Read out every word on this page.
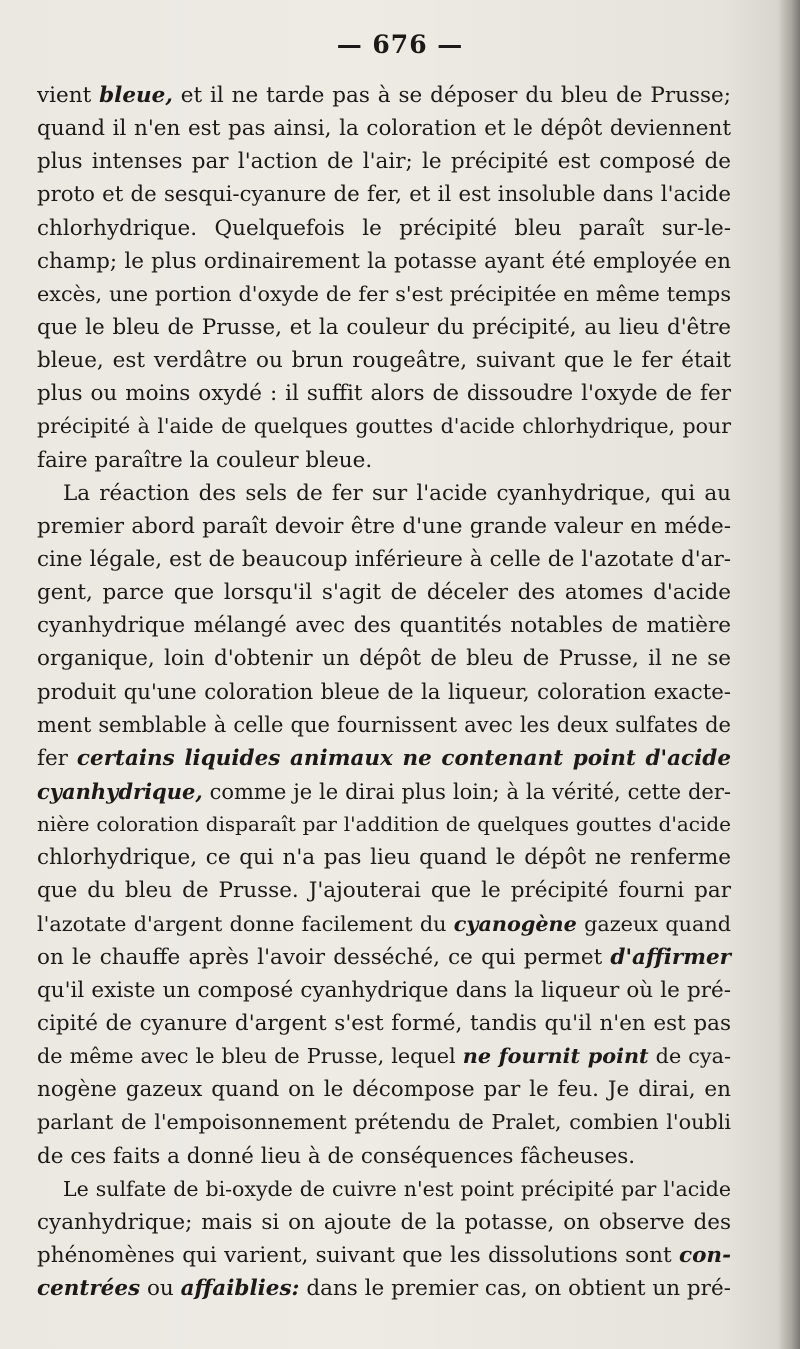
— 676 —
vient bleue, et il ne tarde pas à se déposer du bleu de Prusse;
quand il n'en est pas ainsi, la coloration et le dépôt deviennent
plus intenses par l'action de l'air; le précipité est composé de
proto et de sesqui-cyanure de fer, et il est insoluble dans l'acide
chlorhydrique. Quelquefois le précipité bleu paraît sur-le-
champ; le plus ordinairement la potasse ayant été employée en
excès, une portion d'oxyde de fer s'est précipitée en même temps
que le bleu de Prusse, et la couleur du précipité, au lieu d'être
bleue, est verdâtre ou brun rougeâtre, suivant que le fer était
plus ou moins oxydé : il suffit alors de dissoudre l'oxyde de fer
précipité à l'aide de quelques gouttes d'acide chlorhydrique, pour
faire paraître la couleur bleue.
La réaction des sels de fer sur l'acide cyanhydrique, qui au
premier abord paraît devoir être d'une grande valeur en méde-
cine légale, est de beaucoup inférieure à celle de l'azotate d'ar-
gent, parce que lorsqu'il s'agit de déceler des atomes d'acide
cyanhydrique mélangé avec des quantités notables de matière
organique, loin d'obtenir un dépôt de bleu de Prusse, il ne se
produit qu'une coloration bleue de la liqueur, coloration exacte-
ment semblable à celle que fournissent avec les deux sulfates de
fer certains liquides animaux ne contenant point d'acide
cyanhydrique, comme je le dirai plus loin; à la vérité, cette der-
nière coloration disparaît par l'addition de quelques gouttes d'acide
chlorhydrique, ce qui n'a pas lieu quand le dépôt ne renferme
que du bleu de Prusse. J'ajouterai que le précipité fourni par
l'azotate d'argent donne facilement du cyanogène gazeux quand
on le chauffe après l'avoir desséché, ce qui permet d'affirmer
qu'il existe un composé cyanhydrique dans la liqueur où le pré-
cipité de cyanure d'argent s'est formé, tandis qu'il n'en est pas
de même avec le bleu de Prusse, lequel ne fournit point de cya-
nogène gazeux quand on le décompose par le feu. Je dirai, en
parlant de l'empoisonnement prétendu de Pralet, combien l'oubli
de ces faits a donné lieu à de conséquences fâcheuses.
Le sulfate de bi-oxyde de cuivre n'est point précipité par l'acide
cyanhydrique; mais si on ajoute de la potasse, on observe des
phénomènes qui varient, suivant que les dissolutions sont con-
centrées ou affaiblies: dans le premier cas, on obtient un pré-
